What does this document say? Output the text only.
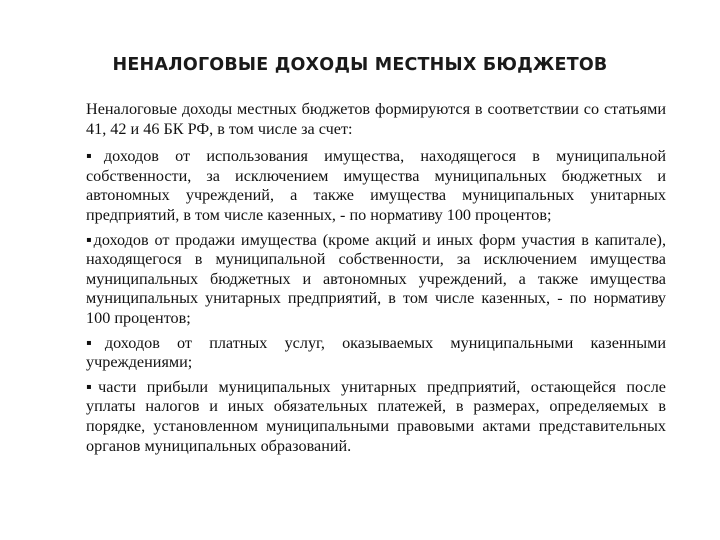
НЕНАЛОГОВЫЕ ДОХОДЫ МЕСТНЫХ БЮДЖЕТОВ

Неналоговые доходы местных бюджетов формируются в соответствии со статьями 41, 42 и 46 БК РФ, в том числе за счет:

▪доходов от использования имущества, находящегося в муниципальной собственности, за исключением имущества муниципальных бюджетных и автономных учреждений, а также имущества муниципальных унитарных предприятий, в том числе казенных, - по нормативу 100 процентов;

▪доходов от продажи имущества (кроме акций и иных форм участия в капитале), находящегося в муниципальной собственности, за исключением имущества муниципальных бюджетных и автономных учреждений, а также имущества муниципальных унитарных предприятий, в том числе казенных, - по нормативу 100 процентов;

▪доходов от платных услуг, оказываемых муниципальными казенными учреждениями;

▪части прибыли муниципальных унитарных предприятий, остающейся после уплаты налогов и иных обязательных платежей, в размерах, определяемых в порядке, установленном муниципальными правовыми актами представительных органов муниципальных образований.
